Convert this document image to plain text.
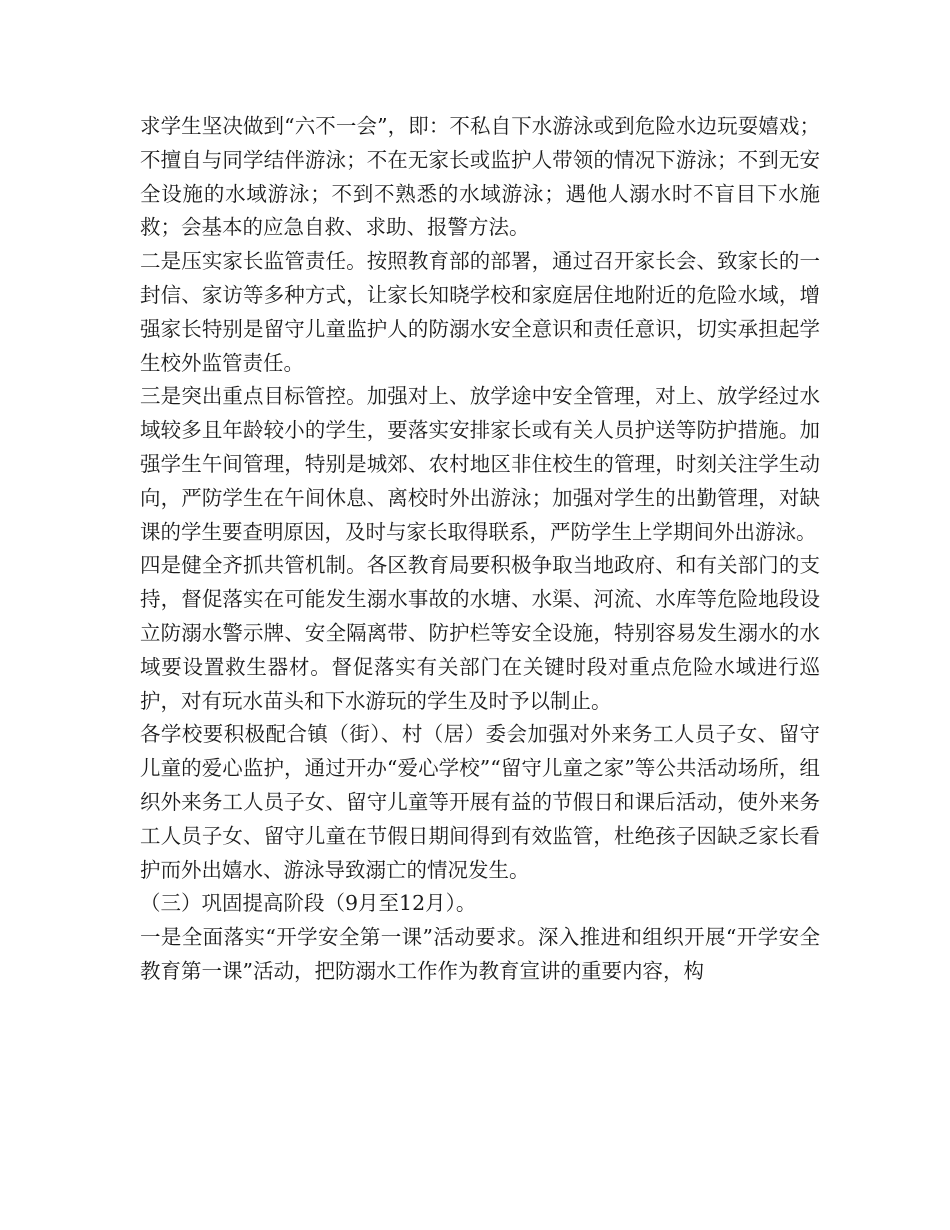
求学生坚决做到“六不一会”，即：不私自下水游泳或到危险水边玩耍嬉戏；不擅自与同学结伴游泳；不在无家长或监护人带领的情况下游泳；不到无安全设施的水域游泳；不到不熟悉的水域游泳；遇他人溺水时不盲目下水施救；会基本的应急自救、求助、报警方法。

二是压实家长监管责任。按照教育部的部署，通过召开家长会、致家长的一封信、家访等多种方式，让家长知晓学校和家庭居住地附近的危险水域，增强家长特别是留守儿童监护人的防溺水安全意识和责任意识，切实承担起学生校外监管责任。

三是突出重点目标管控。加强对上、放学途中安全管理，对上、放学经过水域较多且年龄较小的学生，要落实安排家长或有关人员护送等防护措施。加强学生午间管理，特别是城郊、农村地区非住校生的管理，时刻关注学生动向，严防学生在午间休息、离校时外出游泳；加强对学生的出勤管理，对缺课的学生要查明原因，及时与家长取得联系，严防学生上学期间外出游泳。

四是健全齐抓共管机制。各区教育局要积极争取当地政府、和有关部门的支持，督促落实在可能发生溺水事故的水塘、水渠、河流、水库等危险地段设立防溺水警示牌、安全隔离带、防护栏等安全设施，特别容易发生溺水的水域要设置救生器材。督促落实有关部门在关键时段对重点危险水域进行巡护，对有玩水苗头和下水游玩的学生及时予以制止。

各学校要积极配合镇（街）、村（居）委会加强对外来务工人员子女、留守儿童的爱心监护，通过开办“爱心学校”“留守儿童之家”等公共活动场所，组织外来务工人员子女、留守儿童等开展有益的节假日和课后活动，使外来务工人员子女、留守儿童在节假日期间得到有效监管，杜绝孩子因缺乏家长看护而外出嬉水、游泳导致溺亡的情况发生。

（三）巩固提高阶段（9月至12月）。

一是全面落实“开学安全第一课”活动要求。深入推进和组织开展“开学安全教育第一课”活动，把防溺水工作作为教育宣讲的重要内容，构
